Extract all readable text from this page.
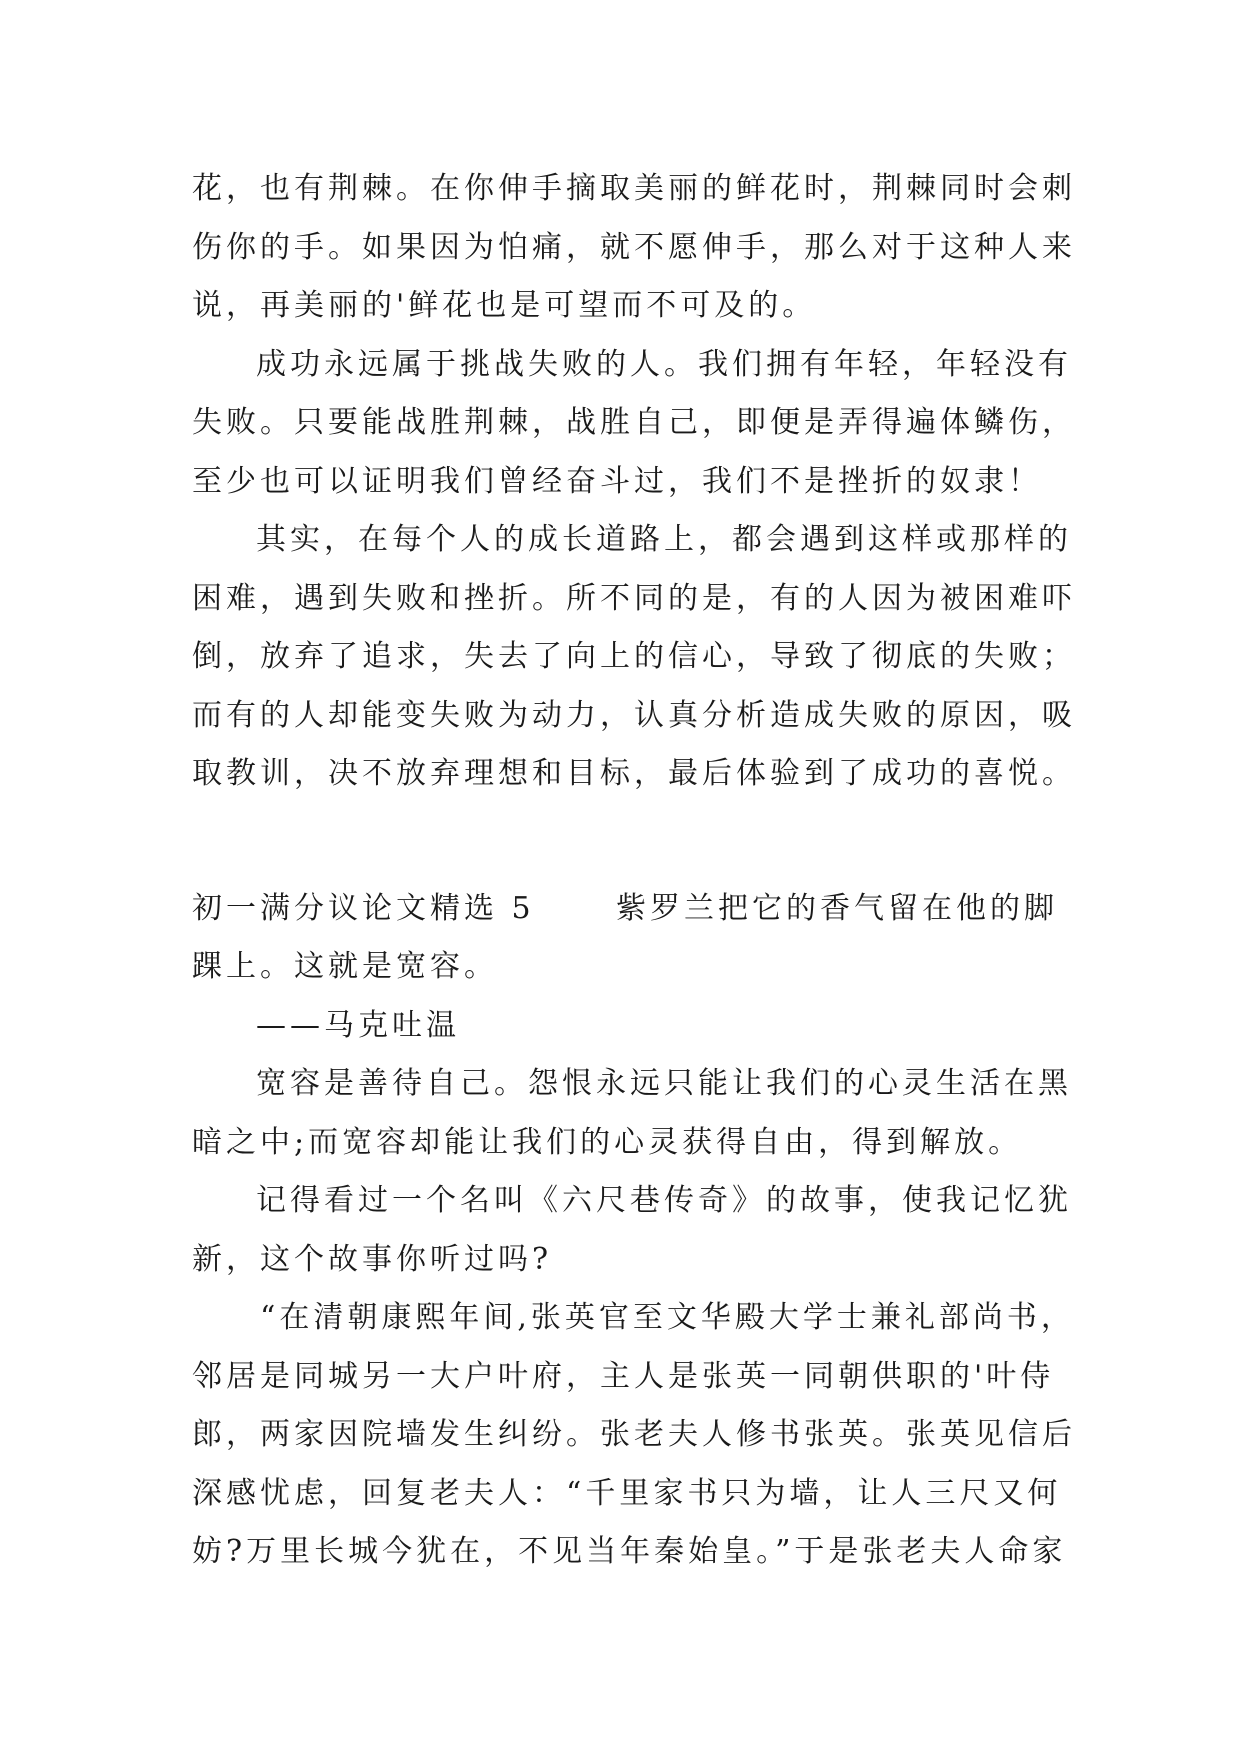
花，也有荆棘。在你伸手摘取美丽的鲜花时，荆棘同时会刺
伤你的手。如果因为怕痛，就不愿伸手，那么对于这种人来
说，再美丽的'鲜花也是可望而不可及的。
成功永远属于挑战失败的人。我们拥有年轻，年轻没有
失败。只要能战胜荆棘，战胜自己，即便是弄得遍体鳞伤，
至少也可以证明我们曾经奋斗过，我们不是挫折的奴隶！
其实，在每个人的成长道路上，都会遇到这样或那样的
困难，遇到失败和挫折。所不同的是，有的人因为被困难吓
倒，放弃了追求，失去了向上的信心，导致了彻底的失败；
而有的人却能变失败为动力，认真分析造成失败的原因，吸
取教训，决不放弃理想和目标，最后体验到了成功的喜悦。
初一满分议论文精选 5	紫罗兰把它的香气留在他的脚
踝上。这就是宽容。
——马克吐温
宽容是善待自己。怨恨永远只能让我们的心灵生活在黑
暗之中;而宽容却能让我们的心灵获得自由，得到解放。
记得看过一个名叫《六尺巷传奇》的故事，使我记忆犹
新，这个故事你听过吗?
“在清朝康熙年间,张英官至文华殿大学士兼礼部尚书，
邻居是同城另一大户叶府，主人是张英一同朝供职的'叶侍
郎，两家因院墙发生纠纷。张老夫人修书张英。张英见信后
深感忧虑，回复老夫人：“千里家书只为墙，让人三尺又何
妨?万里长城今犹在，不见当年秦始皇。”于是张老夫人命家
